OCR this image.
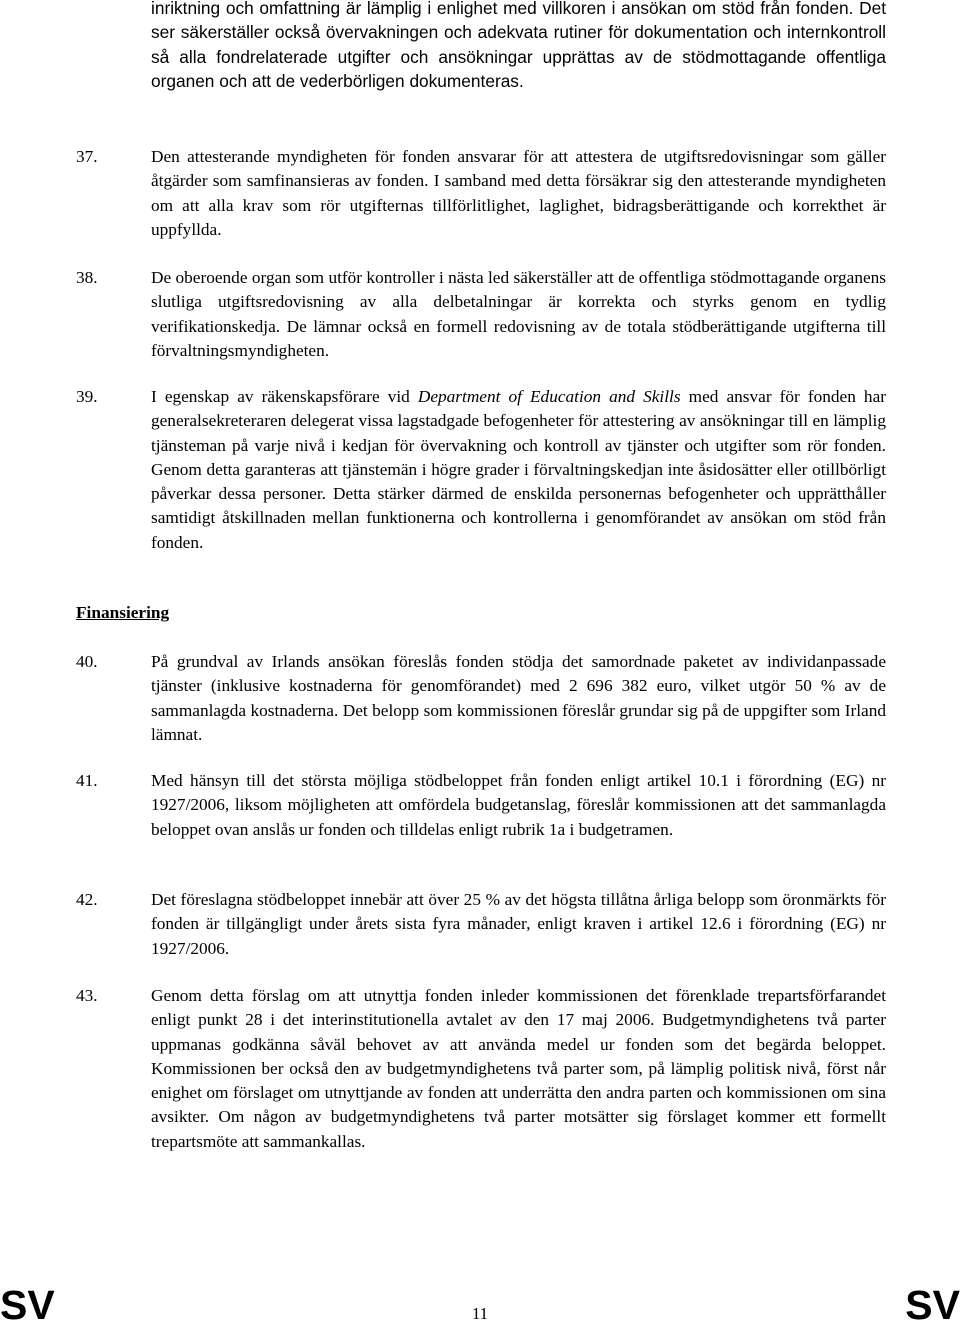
inriktning och omfattning är lämplig i enlighet med villkoren i ansökan om stöd från fonden. Det ser säkerställer också övervakningen och adekvata rutiner för dokumentation och internkontroll så alla fondrelaterade utgifter och ansökningar upprättas av de stödmottagande offentliga organen och att de vederbörligen dokumenteras.
37.	Den attesterande myndigheten för fonden ansvarar för att attestera de utgiftsredovisningar som gäller åtgärder som samfinansieras av fonden. I samband med detta försäkrar sig den attesterande myndigheten om att alla krav som rör utgifternas tillförlitlighet, laglighet, bidragsberättigande och korrekthet är uppfyllda.
38.	De oberoende organ som utför kontroller i nästa led säkerställer att de offentliga stödmottagande organens slutliga utgiftsredovisning av alla delbetalningar är korrekta och styrks genom en tydlig verifikationskedja. De lämnar också en formell redovisning av de totala stödberättigande utgifterna till förvaltningsmyndigheten.
39.	I egenskap av räkenskapsförare vid Department of Education and Skills med ansvar för fonden har generalsekreteraren delegerat vissa lagstadgade befogenheter för attestering av ansökningar till en lämplig tjänsteman på varje nivå i kedjan för övervakning och kontroll av tjänster och utgifter som rör fonden. Genom detta garanteras att tjänstemän i högre grader i förvaltningskedjan inte åsidosätter eller otillbörligt påverkar dessa personer. Detta stärker därmed de enskilda personernas befogenheter och upprätthåller samtidigt åtskillnaden mellan funktionerna och kontrollerna i genomförandet av ansökan om stöd från fonden.
Finansiering
40.	På grundval av Irlands ansökan föreslås fonden stödja det samordnade paketet av individanpassade tjänster (inklusive kostnaderna för genomförandet) med 2 696 382 euro, vilket utgör 50 % av de sammanlagda kostnaderna. Det belopp som kommissionen föreslår grundar sig på de uppgifter som Irland lämnat.
41.	Med hänsyn till det största möjliga stödbeloppet från fonden enligt artikel 10.1 i förordning (EG) nr 1927/2006, liksom möjligheten att omfördela budgetanslag, föreslår kommissionen att det sammanlagda beloppet ovan anslås ur fonden och tilldelas enligt rubrik 1a i budgetramen.
42.	Det föreslagna stödbeloppet innebär att över 25 % av det högsta tillåtna årliga belopp som öronmärkts för fonden är tillgängligt under årets sista fyra månader, enligt kraven i artikel 12.6 i förordning (EG) nr 1927/2006.
43.	Genom detta förslag om att utnyttja fonden inleder kommissionen det förenklade trepartsförfarandet enligt punkt 28 i det interinstitutionella avtalet av den 17 maj 2006. Budgetmyndighetens två parter uppmanas godkänna såväl behovet av att använda medel ur fonden som det begärda beloppet. Kommissionen ber också den av budgetmyndighetens två parter som, på lämplig politisk nivå, först når enighet om förslaget om utnyttjande av fonden att underrätta den andra parten och kommissionen om sina avsikter. Om någon av budgetmyndighetens två parter motsätter sig förslaget kommer ett formellt trepartsmöte att sammankallas.
SV	11	SV
